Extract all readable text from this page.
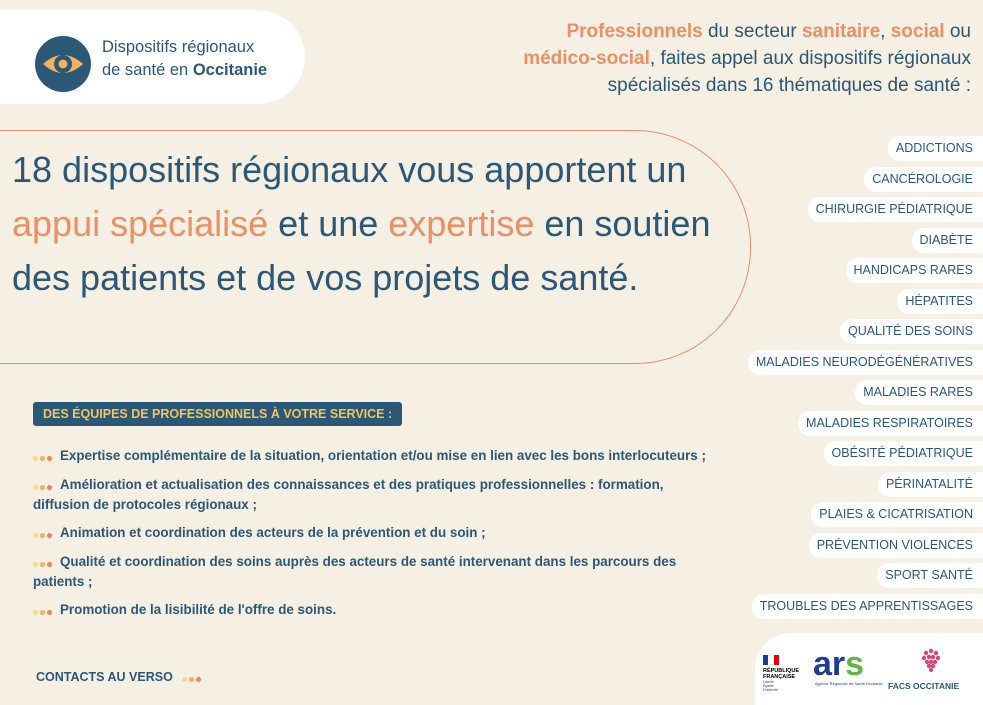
Dispositifs régionaux
de santé en Occitanie
Professionnels du secteur sanitaire, social ou
médico-social, faites appel aux dispositifs régionaux
spécialisés dans 16 thématiques de santé :
18 dispositifs régionaux vous apportent un appui spécialisé et une expertise en soutien des patients et de vos projets de santé.
DES ÉQUIPES DE PROFESSIONNELS À VOTRE SERVICE :
Expertise complémentaire de la situation, orientation et/ou mise en lien avec les bons interlocuteurs ;
Amélioration et actualisation des connaissances et des pratiques professionnelles : formation, diffusion de protocoles régionaux ;
Animation et coordination des acteurs de la prévention et du soin ;
Qualité et coordination des soins auprès des acteurs de santé intervenant dans les parcours des patients ;
Promotion de la lisibilité de l'offre de soins.
CONTACTS AU VERSO
ADDICTIONS
CANCÉROLOGIE
CHIRURGIE PÉDIATRIQUE
DIABÈTE
HANDICAPS RARES
HÉPATITES
QUALITÉ DES SOINS
MALADIES NEURODÉGÉNÉRATIVES
MALADIES RARES
MALADIES RESPIRATOIRES
OBÉSITÉ PÉDIATRIQUE
PÉRINATALITÉ
PLAIES & CICATRISATION
PRÉVENTION VIOLENCES
SPORT SANTÉ
TROUBLES DES APPRENTISSAGES
RÉPUBLIQUE
FRANÇAISE
Liberté
Égalité
Fraternité
ars
Agence Régionale de Santé Occitanie FACS OCCITANIE
